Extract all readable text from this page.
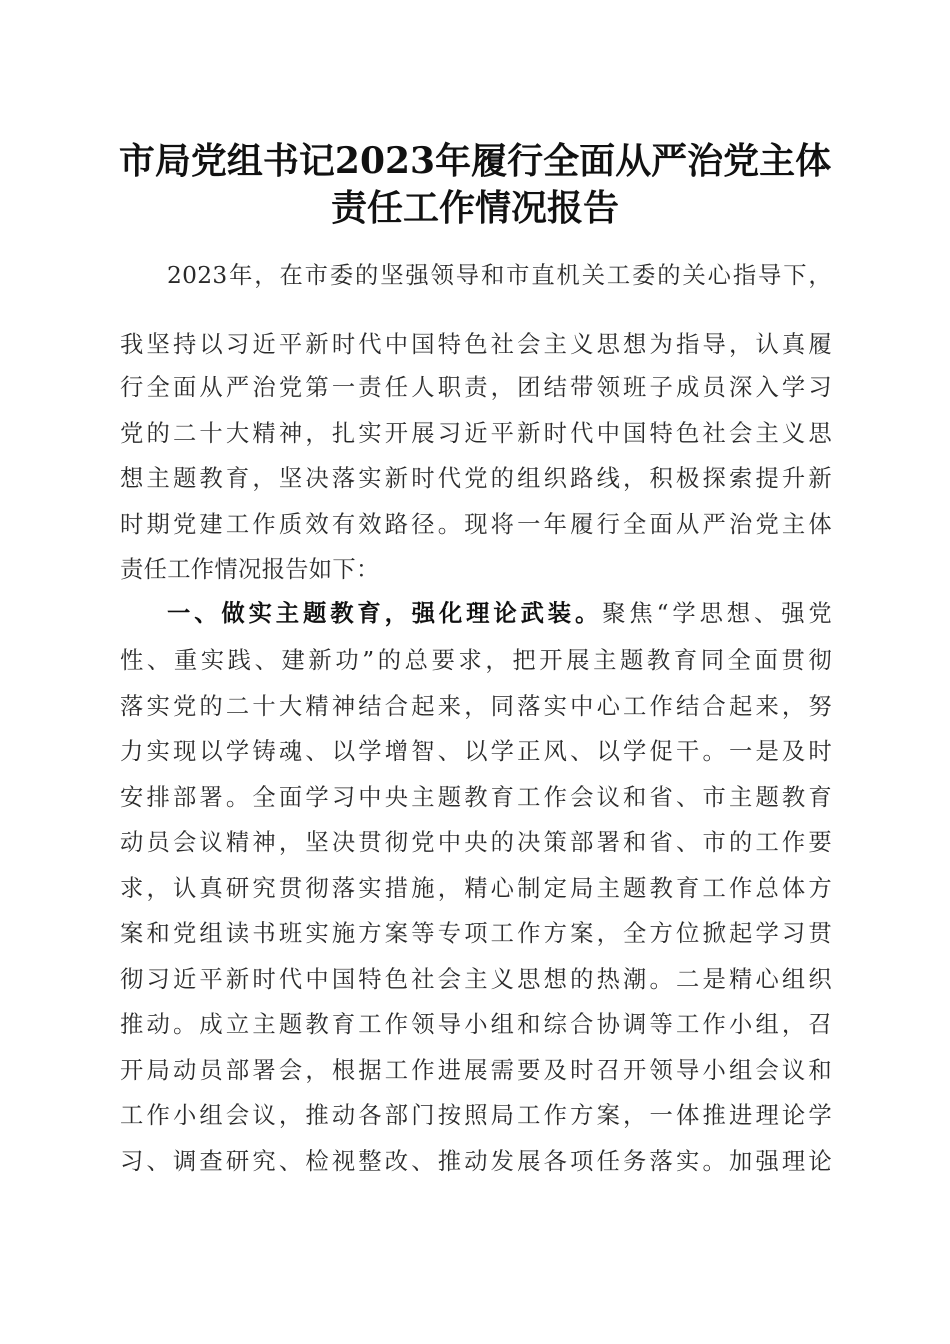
市局党组书记2023年履行全面从严治党主体
责任工作情况报告
2023年，在市委的坚强领导和市直机关工委的关心指导下，
我坚持以习近平新时代中国特色社会主义思想为指导，认真履
行全面从严治党第一责任人职责，团结带领班子成员深入学习
党的二十大精神，扎实开展习近平新时代中国特色社会主义思
想主题教育，坚决落实新时代党的组织路线，积极探索提升新
时期党建工作质效有效路径。现将一年履行全面从严治党主体
责任工作情况报告如下：
一、做实主题教育，强化理论武装。聚焦“学思想、强党
性、重实践、建新功”的总要求，把开展主题教育同全面贯彻
落实党的二十大精神结合起来，同落实中心工作结合起来，努
力实现以学铸魂、以学增智、以学正风、以学促干。一是及时
安排部署。全面学习中央主题教育工作会议和省、市主题教育
动员会议精神，坚决贯彻党中央的决策部署和省、市的工作要
求，认真研究贯彻落实措施，精心制定局主题教育工作总体方
案和党组读书班实施方案等专项工作方案，全方位掀起学习贯
彻习近平新时代中国特色社会主义思想的热潮。二是精心组织
推动。成立主题教育工作领导小组和综合协调等工作小组，召
开局动员部署会，根据工作进展需要及时召开领导小组会议和
工作小组会议，推动各部门按照局工作方案，一体推进理论学
习、调查研究、检视整改、推动发展各项任务落实。加强理论
